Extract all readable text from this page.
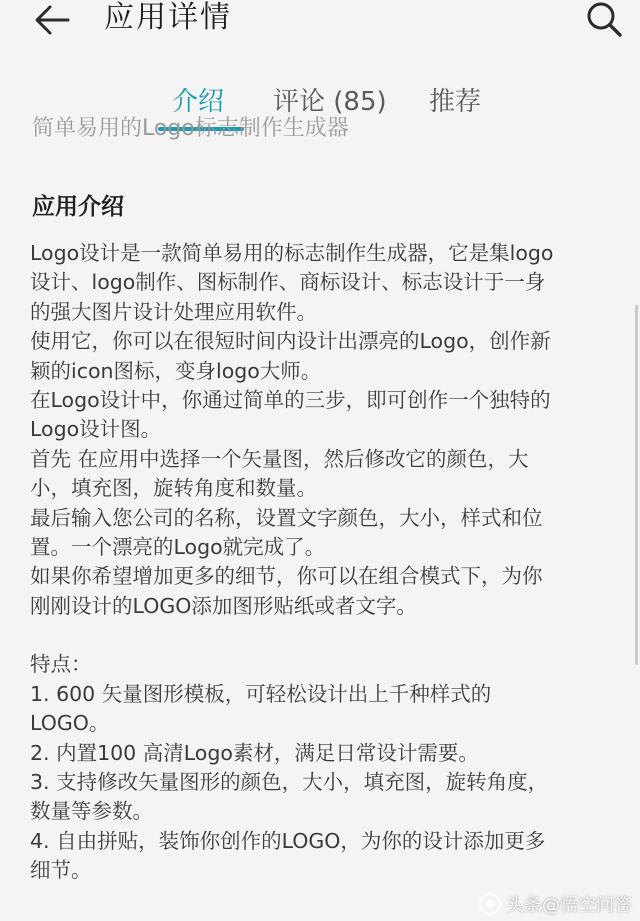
应用详情
介绍 评论 (85) 推荐
简单易用的Logo标志制作生成器
应用介绍
Logo设计是一款简单易用的标志制作生成器，它是集logo
设计、logo制作、图标制作、商标设计、标志设计于一身
的强大图片设计处理应用软件。
使用它，你可以在很短时间内设计出漂亮的Logo，创作新
颖的icon图标，变身logo大师。
在Logo设计中，你通过简单的三步，即可创作一个独特的
Logo设计图。
首先 在应用中选择一个矢量图，然后修改它的颜色，大
小，填充图，旋转角度和数量。
最后输入您公司的名称，设置文字颜色，大小，样式和位
置。一个漂亮的Logo就完成了。
如果你希望增加更多的细节，你可以在组合模式下，为你
刚刚设计的LOGO添加图形贴纸或者文字。
特点：
1. 600 矢量图形模板，可轻松设计出上千种样式的
LOGO。
2. 内置100 高清Logo素材，满足日常设计需要。
3. 支持修改矢量图形的颜色，大小，填充图，旋转角度，
数量等参数。
4. 自由拼贴，装饰你创作的LOGO，为你的设计添加更多
细节。
头条@悟空问答
